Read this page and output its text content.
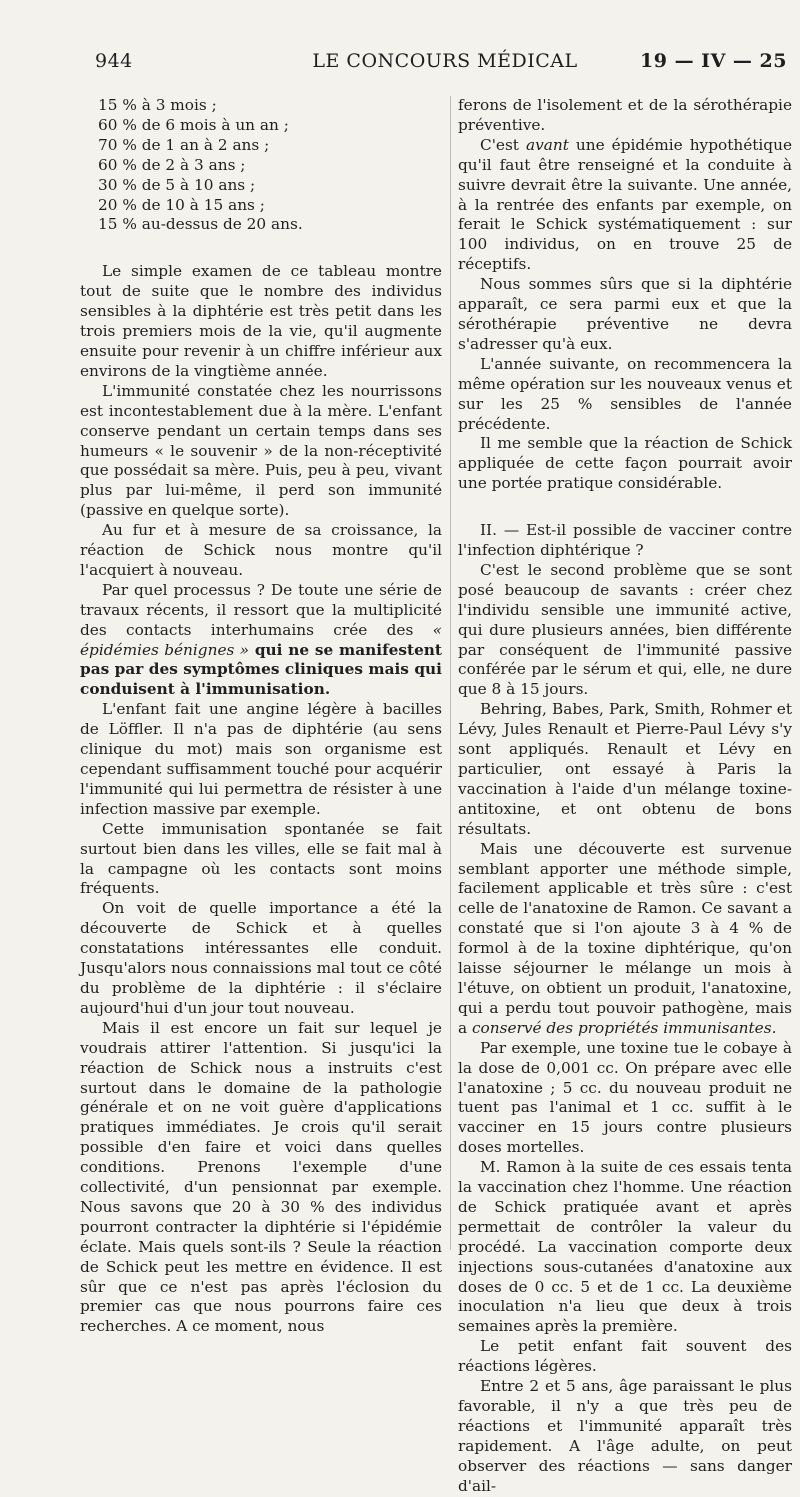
944	LE CONCOURS MÉDICAL	19 — IV — 25
15 % à 3 mois ;
60 % de 6 mois à un an ;
70 % de 1 an à 2 ans ;
60 % de 2 à 3 ans ;
30 % de 5 à 10 ans ;
20 % de 10 à 15 ans ;
15 % au-dessus de 20 ans.

Le simple examen de ce tableau montre tout de suite que le nombre des individus sensibles à la diphtérie est très petit dans les trois premiers mois de la vie, qu'il augmente ensuite pour revenir à un chiffre inférieur aux environs de la vingtième année.

L'immunité constatée chez les nourrissons est incontestablement due à la mère. L'enfant conserve pendant un certain temps dans ses humeurs « le souvenir » de la non-réceptivité que possédait sa mère. Puis, peu à peu, vivant plus par lui-même, il perd son immunité (passive en quelque sorte).

Au fur et à mesure de sa croissance, la réaction de Schick nous montre qu'il l'acquiert à nouveau.

Par quel processus ? De toute une série de travaux récents, il ressort que la multiplicité des contacts interhumains crée des « épidémies bénignes » qui ne se manifestent pas par des symptômes cliniques mais qui conduisent à l'immunisation.

L'enfant fait une angine légère à bacilles de Löffler. Il n'a pas de diphtérie (au sens clinique du mot) mais son organisme est cependant suffisamment touché pour acquérir l'immunité qui lui permettra de résister à une infection massive par exemple.

Cette immunisation spontanée se fait surtout bien dans les villes, elle se fait mal à la campagne où les contacts sont moins fréquents.

On voit de quelle importance a été la découverte de Schick et à quelles constatations intéressantes elle conduit. Jusqu'alors nous connaissions mal tout ce côté du problème de la diphtérie : il s'éclaire aujourd'hui d'un jour tout nouveau.

Mais il est encore un fait sur lequel je voudrais attirer l'attention. Si jusqu'ici la réaction de Schick nous a instruits c'est surtout dans le domaine de la pathologie générale et on ne voit guère d'applications pratiques immédiates. Je crois qu'il serait possible d'en faire et voici dans quelles conditions. Prenons l'exemple d'une collectivité, d'un pensionnat par exemple. Nous savons que 20 à 30 % des individus pourront contracter la diphtérie si l'épidémie éclate. Mais quels sont-ils ? Seule la réaction de Schick peut les mettre en évidence. Il est sûr que ce n'est pas après l'éclosion du premier cas que nous pourrons faire ces recherches. A ce moment, nous

ferons de l'isolement et de la sérothérapie préventive.

C'est avant une épidémie hypothétique qu'il faut être renseigné et la conduite à suivre devrait être la suivante. Une année, à la rentrée des enfants par exemple, on ferait le Schick systématiquement : sur 100 individus, on en trouve 25 de réceptifs.

Nous sommes sûrs que si la diphtérie apparaît, ce sera parmi eux et que la sérothérapie préventive ne devra s'adresser qu'à eux.

L'année suivante, on recommencera la même opération sur les nouveaux venus et sur les 25 % sensibles de l'année précédente.

Il me semble que la réaction de Schick appliquée de cette façon pourrait avoir une portée pratique considérable.

II. — Est-il possible de vacciner contre l'infection diphtérique ?

C'est le second problème que se sont posé beaucoup de savants : créer chez l'individu sensible une immunité active, qui dure plusieurs années, bien différente par conséquent de l'immunité passive conférée par le sérum et qui, elle, ne dure que 8 à 15 jours.

Behring, Babes, Park, Smith, Rohmer et Lévy, Jules Renault et Pierre-Paul Lévy s'y sont appliqués. Renault et Lévy en particulier, ont essayé à Paris la vaccination à l'aide d'un mélange toxine-antitoxine, et ont obtenu de bons résultats.

Mais une découverte est survenue semblant apporter une méthode simple, facilement applicable et très sûre : c'est celle de l'anatoxine de Ramon. Ce savant a constaté que si l'on ajoute 3 à 4 % de formol à de la toxine diphtérique, qu'on laisse séjourner le mélange un mois à l'étuve, on obtient un produit, l'anatoxine, qui a perdu tout pouvoir pathogène, mais a conservé des propriétés immunisantes.

Par exemple, une toxine tue le cobaye à la dose de 0,001 cc. On prépare avec elle l'anatoxine ; 5 cc. du nouveau produit ne tuent pas l'animal et 1 cc. suffit à le vacciner en 15 jours contre plusieurs doses mortelles.

M. Ramon à la suite de ces essais tenta la vaccination chez l'homme. Une réaction de Schick pratiquée avant et après permettait de contrôler la valeur du procédé. La vaccination comporte deux injections sous-cutanées d'anatoxine aux doses de 0 cc. 5 et de 1 cc. La deuxième inoculation n'a lieu que deux à trois semaines après la première.

Le petit enfant fait souvent des réactions légères.

Entre 2 et 5 ans, âge paraissant le plus favorable, il n'y a que très peu de réactions et l'immunité apparaît très rapidement. A l'âge adulte, on peut observer des réactions — sans danger d'ail-
